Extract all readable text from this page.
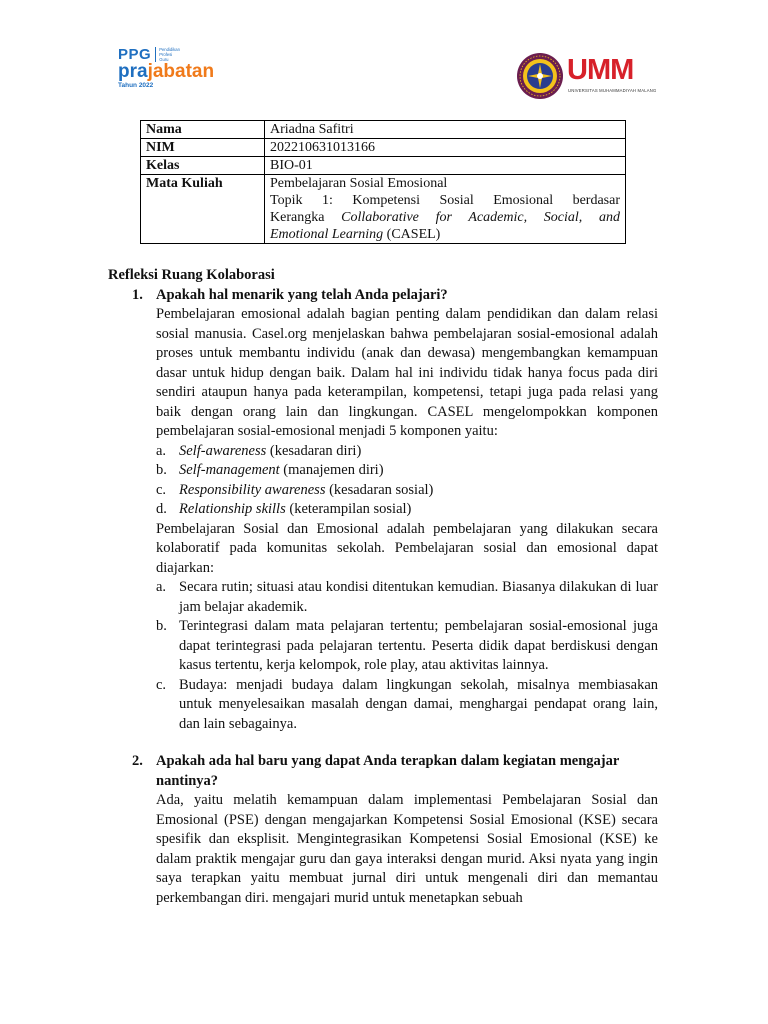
PPG	Pendidikan
Profesi
Guru
prajabatan
Tahun 2022	UMM
UNIVERSITAS MUHAMMADIYAH MALANG
Nama	Ariadna Safitri
NIM	202210631013166
Kelas	BIO-01
Mata Kuliah	Pembelajaran Sosial Emosional
Topik 1: Kompetensi Sosial Emosional berdasar
Kerangka Collaborative for Academic, Social, and
Emotional Learning (CASEL)
Refleksi Ruang Kolaborasi
1. Apakah hal menarik yang telah Anda pelajari?
Pembelajaran emosional adalah bagian penting dalam pendidikan dan dalam relasi sosial manusia. Casel.org menjelaskan bahwa pembelajaran sosial-emosional adalah proses untuk membantu individu (anak dan dewasa) mengembangkan kemampuan dasar untuk hidup dengan baik. Dalam hal ini individu tidak hanya focus pada diri sendiri ataupun hanya pada keterampilan, kompetensi, tetapi juga pada relasi yang baik dengan orang lain dan lingkungan. CASEL mengelompokkan komponen pembelajaran sosial-emosional menjadi 5 komponen yaitu:
a. Self-awareness (kesadaran diri)
b. Self-management (manajemen diri)
c. Responsibility awareness (kesadaran sosial)
d. Relationship skills (keterampilan sosial)
Pembelajaran Sosial dan Emosional adalah pembelajaran yang dilakukan secara kolaboratif pada komunitas sekolah. Pembelajaran sosial dan emosional dapat diajarkan:
a. Secara rutin; situasi atau kondisi ditentukan kemudian. Biasanya dilakukan di luar jam belajar akademik.
b. Terintegrasi dalam mata pelajaran tertentu; pembelajaran sosial-emosional juga dapat terintegrasi pada pelajaran tertentu. Peserta didik dapat berdiskusi dengan kasus tertentu, kerja kelompok, role play, atau aktivitas lainnya.
c. Budaya: menjadi budaya dalam lingkungan sekolah, misalnya membiasakan untuk menyelesaikan masalah dengan damai, menghargai pendapat orang lain, dan lain sebagainya.
2. Apakah ada hal baru yang dapat Anda terapkan dalam kegiatan mengajar nantinya?
Ada, yaitu melatih kemampuan dalam implementasi Pembelajaran Sosial dan Emosional (PSE) dengan mengajarkan Kompetensi Sosial Emosional (KSE) secara spesifik dan eksplisit. Mengintegrasikan Kompetensi Sosial Emosional (KSE) ke dalam praktik mengajar guru dan gaya interaksi dengan murid. Aksi nyata yang ingin saya terapkan yaitu membuat jurnal diri untuk mengenali diri dan memantau perkembangan diri. mengajari murid untuk menetapkan sebuah
